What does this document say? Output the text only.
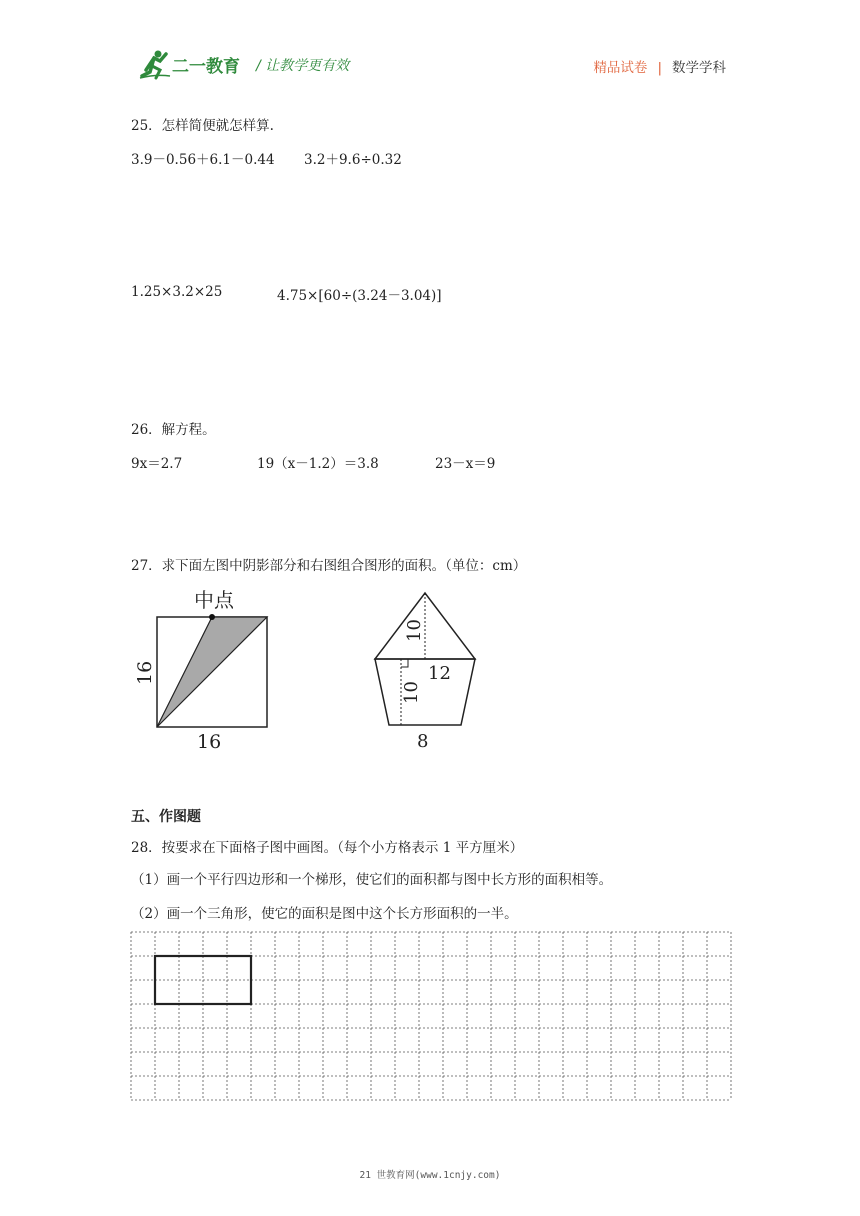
二一教育 / 让教学更有效	精品试卷 | 数学学科
25．怎样简便就怎样算.
3.9－0.56＋6.1－0.44 3.2＋9.6÷0.32
1.25×3.2×25	4.75×[60÷(3.24－3.04)]
26．解方程。
9x＝2.7	19（x－1.2）＝3.8	23－x＝9
27．求下面左图中阴影部分和右图组合图形的面积。（单位：cm）
中点
16
16
10
12
10
8
五、作图题
28．按要求在下面格子图中画图。（每个小方格表示 1 平方厘米）
（1）画一个平行四边形和一个梯形，使它们的面积都与图中长方形的面积相等。
（2）画一个三角形，使它的面积是图中这个长方形面积的一半。
21 世教育网(www.1cnjy.com)
